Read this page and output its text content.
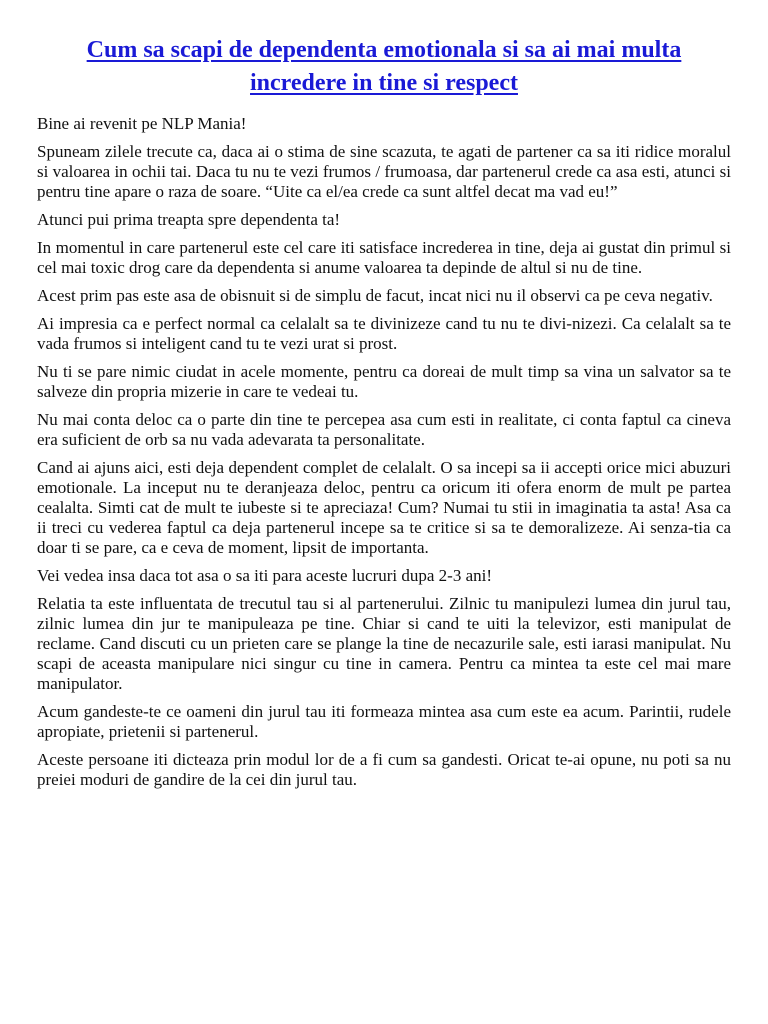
Cum sa scapi de dependenta emotionala si sa ai mai multa incredere in tine si respect

Bine ai revenit pe NLP Mania!

Spuneam zilele trecute ca, daca ai o stima de sine scazuta, te agati de partener ca sa iti ridice moralul si valoarea in ochii tai. Daca tu nu te vezi frumos / frumoasa, dar partenerul crede ca asa esti, atunci si pentru tine apare o raza de soare. “Uite ca el/ea crede ca sunt altfel decat ma vad eu!”

Atunci pui prima treapta spre dependenta ta!

In momentul in care partenerul este cel care iti satisface increderea in tine, deja ai gustat din primul si cel mai toxic drog care da dependenta si anume valoarea ta depinde de altul si nu de tine.

Acest prim pas este asa de obisnuit si de simplu de facut, incat nici nu il observi ca pe ceva negativ.

Ai impresia ca e perfect normal ca celalalt sa te divinizeze cand tu nu te divi-nizezi. Ca celalalt sa te vada frumos si inteligent cand tu te vezi urat si prost.

Nu ti se pare nimic ciudat in acele momente, pentru ca doreai de mult timp sa vina un salvator sa te salveze din propria mizerie in care te vedeai tu.

Nu mai conta deloc ca o parte din tine te percepea asa cum esti in realitate, ci conta faptul ca cineva era suficient de orb sa nu vada adevarata ta personalitate.

Cand ai ajuns aici, esti deja dependent complet de celalalt. O sa incepi sa ii accepti orice mici abuzuri emotionale. La inceput nu te deranjeaza deloc, pentru ca oricum iti ofera enorm de mult pe partea cealalta. Simti cat de mult te iubeste si te apreciaza! Cum? Numai tu stii in imaginatia ta asta! Asa ca ii treci cu vederea faptul ca deja partenerul incepe sa te critice si sa te demoralizeze. Ai senza-tia ca doar ti se pare, ca e ceva de moment, lipsit de importanta.

Vei vedea insa daca tot asa o sa iti para aceste lucruri dupa 2-3 ani!

Relatia ta este influentata de trecutul tau si al partenerului. Zilnic tu manipulezi lumea din jurul tau, zilnic lumea din jur te manipuleaza pe tine. Chiar si cand te uiti la televizor, esti manipulat de reclame. Cand discuti cu un prieten care se plange la tine de necazurile sale, esti iarasi manipulat. Nu scapi de aceasta manipulare nici singur cu tine in camera. Pentru ca mintea ta este cel mai mare manipulator.

Acum gandeste-te ce oameni din jurul tau iti formeaza mintea asa cum este ea acum. Parintii, rudele apropiate, prietenii si partenerul.

Aceste persoane iti dicteaza prin modul lor de a fi cum sa gandesti. Oricat te-ai opune, nu poti sa nu preiei moduri de gandire de la cei din jurul tau.
